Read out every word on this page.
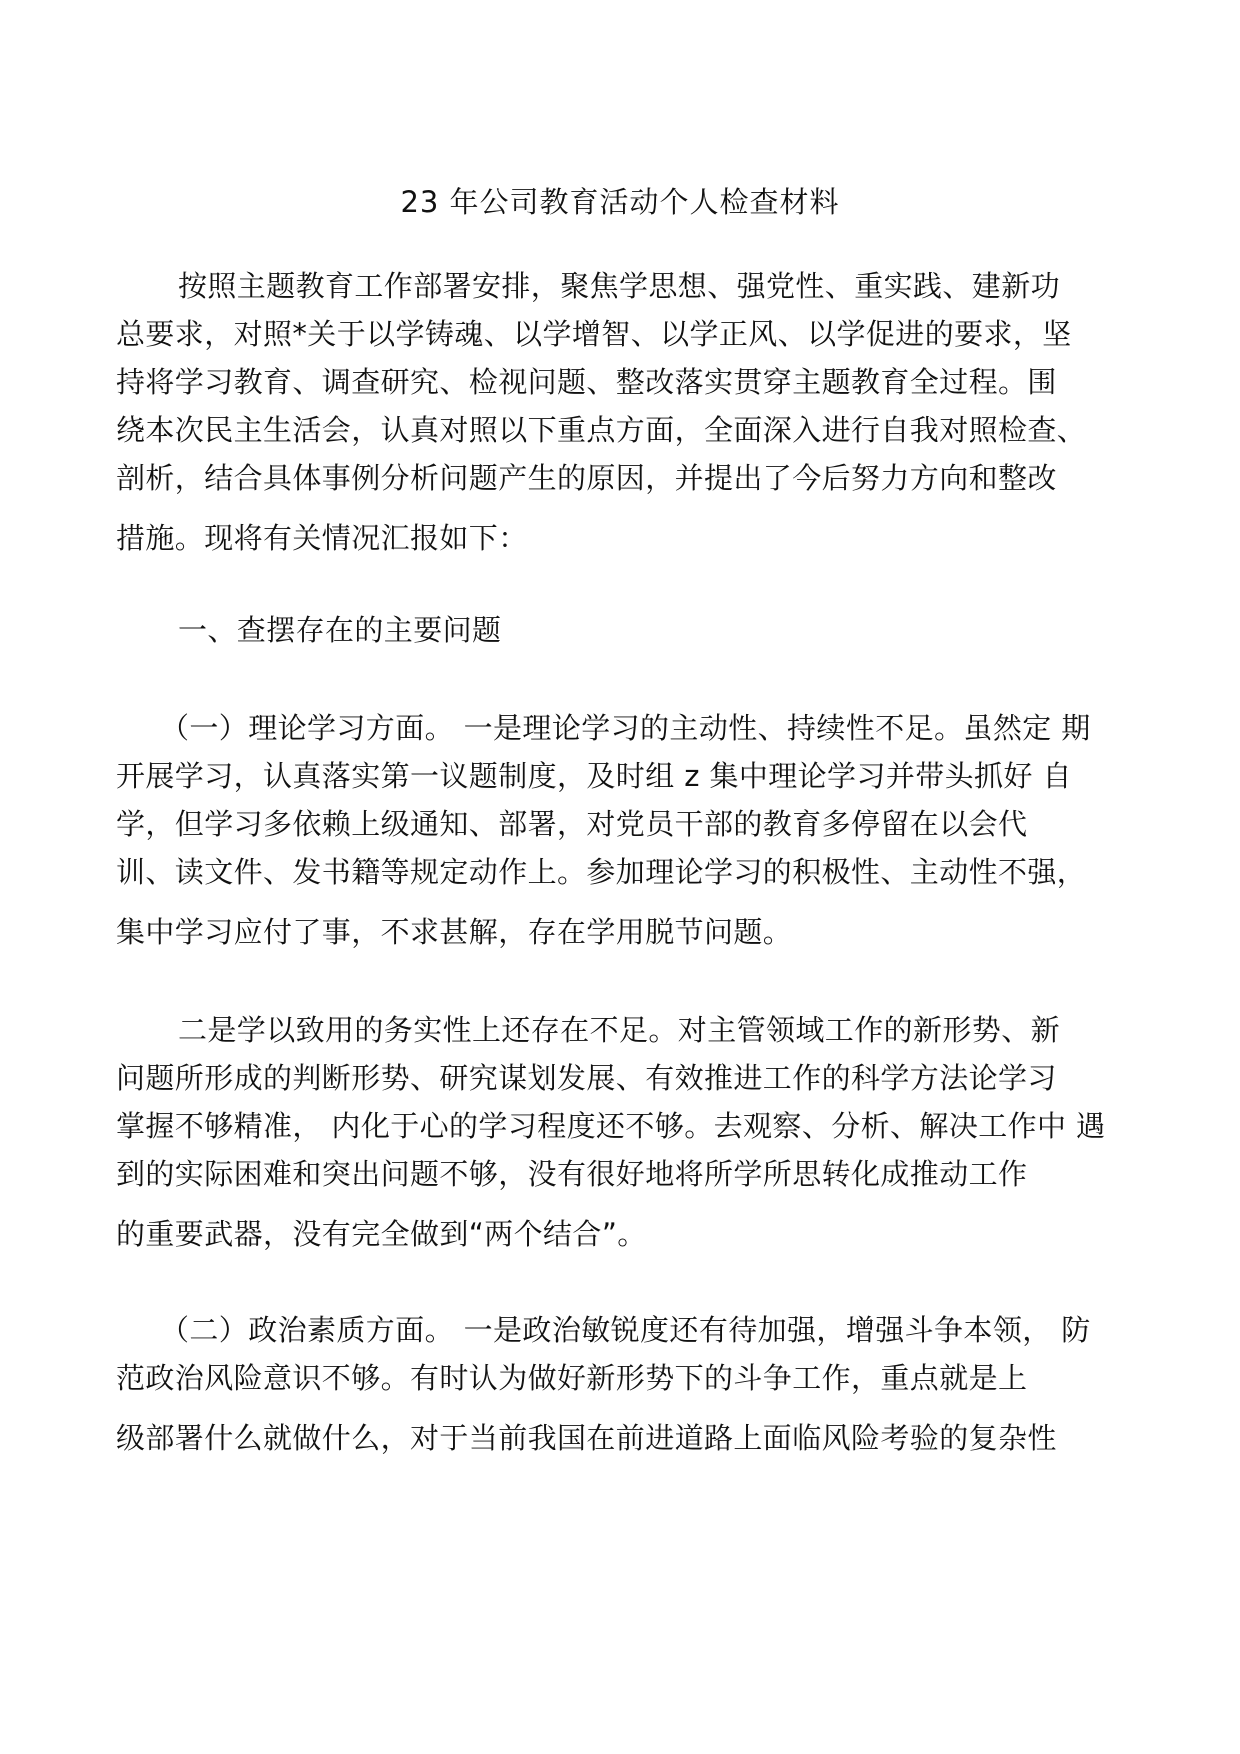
23 年公司教育活动个人检查材料
按照主题教育工作部署安排，聚焦学思想、强党性、重实践、建新功
总要求，对照*关于以学铸魂、以学增智、以学正风、以学促进的要求，坚
持将学习教育、调查研究、检视问题、整改落实贯穿主题教育全过程。围
绕本次民主生活会，认真对照以下重点方面，全面深入进行自我对照检查、
剖析，结合具体事例分析问题产生的原因，并提出了今后努力方向和整改
措施。现将有关情况汇报如下：
一、查摆存在的主要问题
（一）理论学习方面。 一是理论学习的主动性、持续性不足。虽然定 期
开展学习，认真落实第一议题制度，及时组 z 集中理论学习并带头抓好 自
学，但学习多依赖上级通知、部署，对党员干部的教育多停留在以会代
训、读文件、发书籍等规定动作上。参加理论学习的积极性、主动性不强，
集中学习应付了事，不求甚解，存在学用脱节问题。
二是学以致用的务实性上还存在不足。对主管领域工作的新形势、新
问题所形成的判断形势、研究谋划发展、有效推进工作的科学方法论学习
掌握不够精准， 内化于心的学习程度还不够。去观察、分析、解决工作中 遇
到的实际困难和突出问题不够，没有很好地将所学所思转化成推动工作
的重要武器，没有完全做到“两个结合”。
（二）政治素质方面。 一是政治敏锐度还有待加强，增强斗争本领， 防
范政治风险意识不够。有时认为做好新形势下的斗争工作，重点就是上
级部署什么就做什么，对于当前我国在前进道路上面临风险考验的复杂性
